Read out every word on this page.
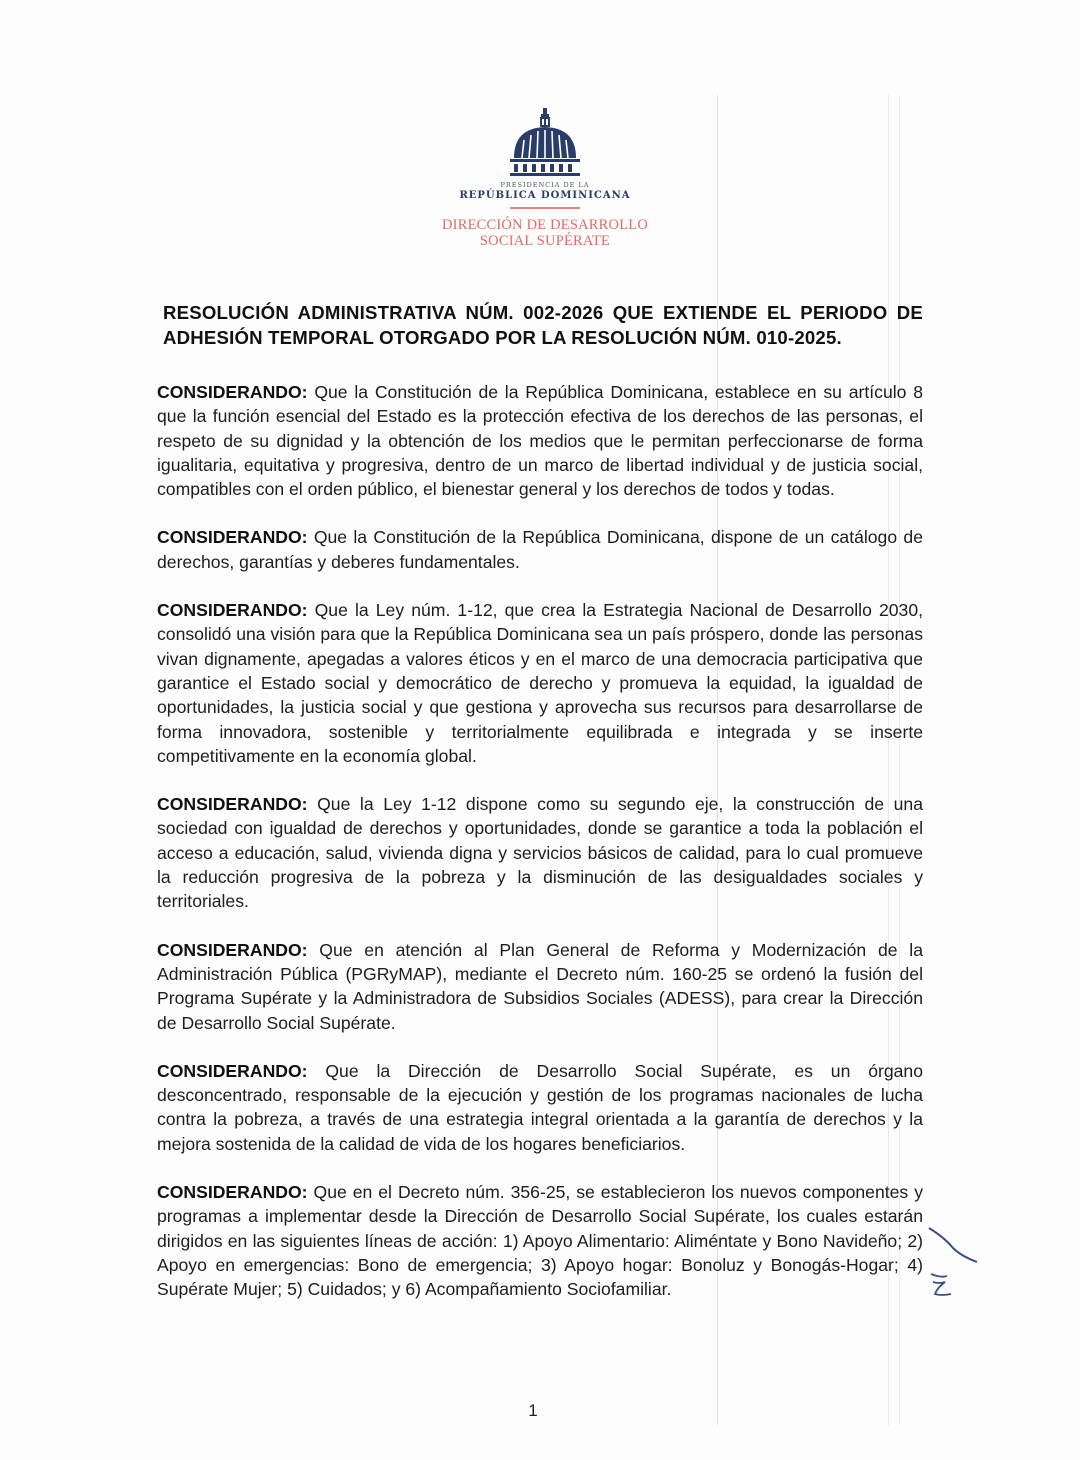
PRESIDENCIA DE LA
REPÚBLICA DOMINICANA
DIRECCIÓN DE DESARROLLO
SOCIAL SUPÉRATE
RESOLUCIÓN ADMINISTRATIVA NÚM. 002-2026 QUE EXTIENDE EL PERIODO DE ADHESIÓN TEMPORAL OTORGADO POR LA RESOLUCIÓN NÚM. 010-2025.

CONSIDERANDO: Que la Constitución de la República Dominicana, establece en su artículo 8 que la función esencial del Estado es la protección efectiva de los derechos de las personas, el respeto de su dignidad y la obtención de los medios que le permitan perfeccionarse de forma igualitaria, equitativa y progresiva, dentro de un marco de libertad individual y de justicia social, compatibles con el orden público, el bienestar general y los derechos de todos y todas.

CONSIDERANDO: Que la Constitución de la República Dominicana, dispone de un catálogo de derechos, garantías y deberes fundamentales.

CONSIDERANDO: Que la Ley núm. 1-12, que crea la Estrategia Nacional de Desarrollo 2030, consolidó una visión para que la República Dominicana sea un país próspero, donde las personas vivan dignamente, apegadas a valores éticos y en el marco de una democracia participativa que garantice el Estado social y democrático de derecho y promueva la equidad, la igualdad de oportunidades, la justicia social y que gestiona y aprovecha sus recursos para desarrollarse de forma innovadora, sostenible y territorialmente equilibrada e integrada y se inserte competitivamente en la economía global.

CONSIDERANDO: Que la Ley 1-12 dispone como su segundo eje, la construcción de una sociedad con igualdad de derechos y oportunidades, donde se garantice a toda la población el acceso a educación, salud, vivienda digna y servicios básicos de calidad, para lo cual promueve la reducción progresiva de la pobreza y la disminución de las desigualdades sociales y territoriales.

CONSIDERANDO: Que en atención al Plan General de Reforma y Modernización de la Administración Pública (PGRyMAP), mediante el Decreto núm. 160-25 se ordenó la fusión del Programa Supérate y la Administradora de Subsidios Sociales (ADESS), para crear la Dirección de Desarrollo Social Supérate.

CONSIDERANDO: Que la Dirección de Desarrollo Social Supérate, es un órgano desconcentrado, responsable de la ejecución y gestión de los programas nacionales de lucha contra la pobreza, a través de una estrategia integral orientada a la garantía de derechos y la mejora sostenida de la calidad de vida de los hogares beneficiarios.

CONSIDERANDO: Que en el Decreto núm. 356-25, se establecieron los nuevos componentes y programas a implementar desde la Dirección de Desarrollo Social Supérate, los cuales estarán dirigidos en las siguientes líneas de acción: 1) Apoyo Alimentario: Aliméntate y Bono Navideño; 2) Apoyo en emergencias: Bono de emergencia; 3) Apoyo hogar: Bonoluz y Bonogás-Hogar; 4) Supérate Mujer; 5) Cuidados; y 6) Acompañamiento Sociofamiliar.

1
